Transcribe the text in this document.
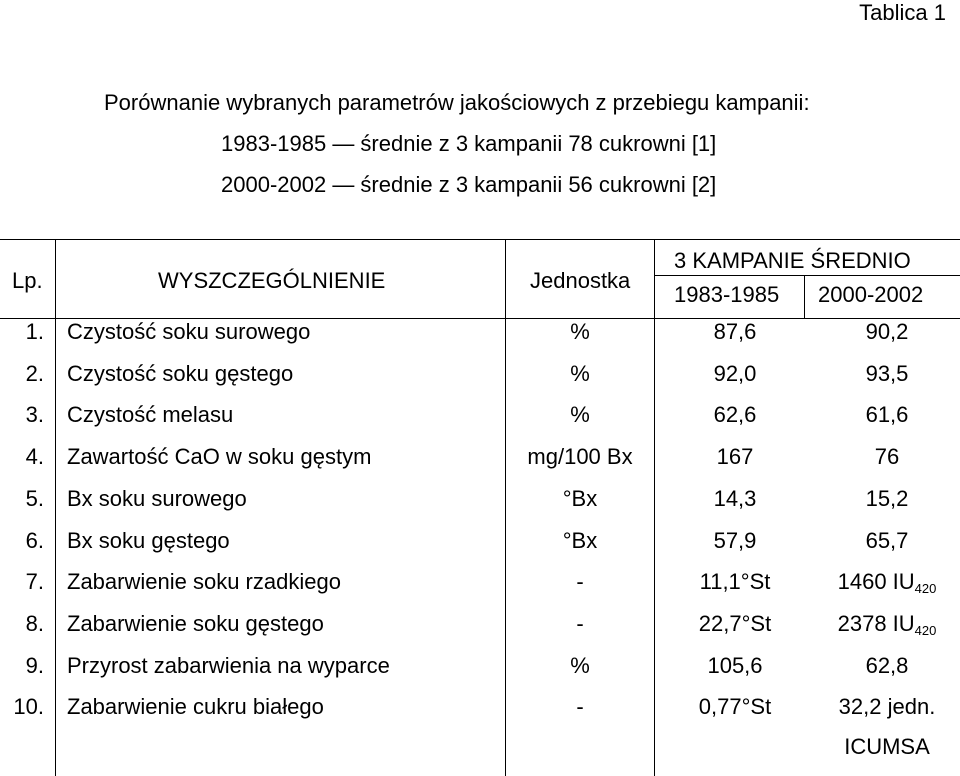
Tablica 1
Porównanie wybranych parametrów jakościowych z przebiegu kampanii:
1983-1985 — średnie z 3 kampanii 78 cukrowni [1]
2000-2002 — średnie z 3 kampanii 56 cukrowni [2]
Lp.	WYSZCZEGÓLNIENIE	Jednostka
3 KAMPANIE ŚREDNIO
1983-1985 2000-2002
1. Czystość soku surowego	%	87,6	90,2
2. Czystość soku gęstego	%	92,0	93,5
3. Czystość melasu	%	62,6	61,6
4. Zawartość CaO w soku gęstym	mg/100 Bx	167	76
5. Bx soku surowego	°Bx	14,3	15,2
6. Bx soku gęstego	°Bx	57,9	65,7
7. Zabarwienie soku rzadkiego	-	11,1°St	1460 $IU_{420}$
8. Zabarwienie soku gęstego	-	22,7°St	2378 $IU_{420}$
9. Przyrost zabarwienia na wyparce	%	105,6	62,8
10. Zabarwienie cukru białego	-	0,77°St	32,2 jedn.
ICUMSA
